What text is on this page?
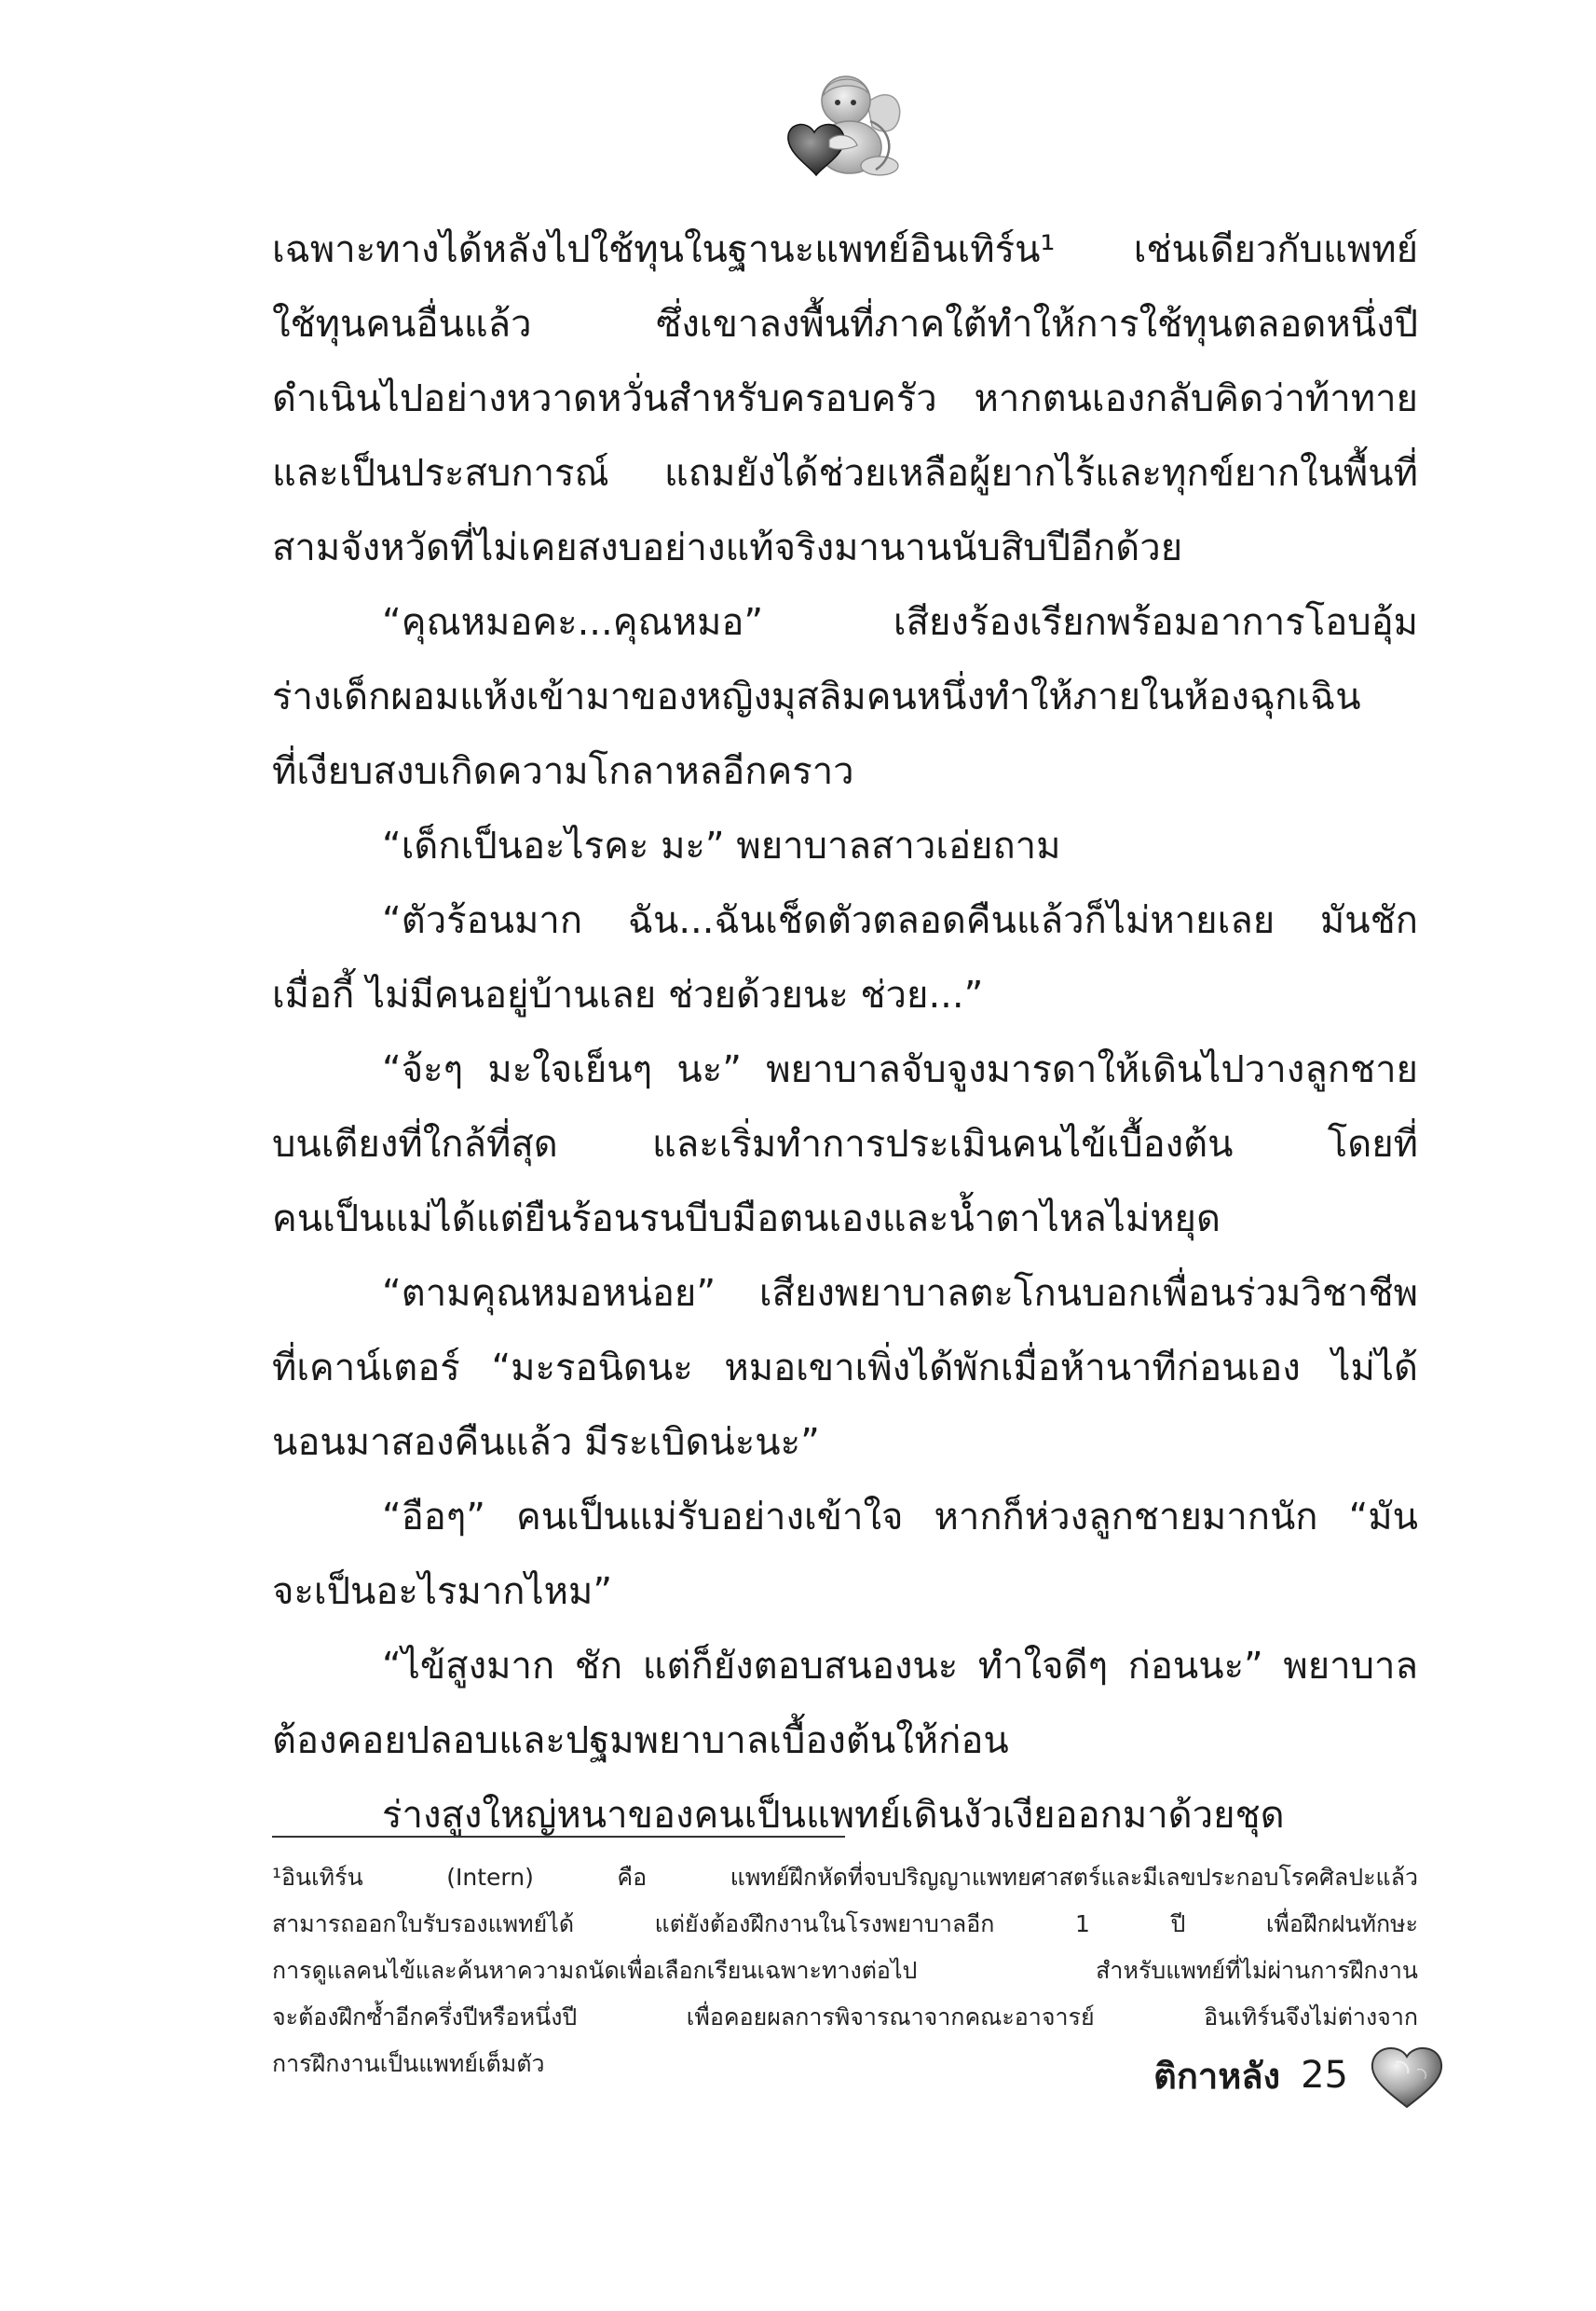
เฉพาะทางได้หลังไปใช้ทุนในฐานะแพทย์อินเทิร์น¹ เช่นเดียวกับแพทย์
ใช้ทุนคนอื่นแล้ว ซึ่งเขาลงพื้นที่ภาคใต้ทำให้การใช้ทุนตลอดหนึ่งปี
ดำเนินไปอย่างหวาดหวั่นสำหรับครอบครัว หากตนเองกลับคิดว่าท้าทาย
และเป็นประสบการณ์ แถมยังได้ช่วยเหลือผู้ยากไร้และทุกข์ยากในพื้นที่
สามจังหวัดที่ไม่เคยสงบอย่างแท้จริงมานานนับสิบปีอีกด้วย
“คุณหมอคะ...คุณหมอ” เสียงร้องเรียกพร้อมอาการโอบอุ้ม
ร่างเด็กผอมแห้งเข้ามาของหญิงมุสลิมคนหนึ่งทำให้ภายในห้องฉุกเฉิน
ที่เงียบสงบเกิดความโกลาหลอีกคราว
“เด็กเป็นอะไรคะ มะ” พยาบาลสาวเอ่ยถาม
“ตัวร้อนมาก ฉัน...ฉันเช็ดตัวตลอดคืนแล้วก็ไม่หายเลย มันชัก
เมื่อกี้ ไม่มีคนอยู่บ้านเลย ช่วยด้วยนะ ช่วย...”
“จ้ะๆ มะใจเย็นๆ นะ” พยาบาลจับจูงมารดาให้เดินไปวางลูกชาย
บนเตียงที่ใกล้ที่สุด และเริ่มทำการประเมินคนไข้เบื้องต้น โดยที่
คนเป็นแม่ได้แต่ยืนร้อนรนบีบมือตนเองและน้ำตาไหลไม่หยุด
“ตามคุณหมอหน่อย” เสียงพยาบาลตะโกนบอกเพื่อนร่วมวิชาชีพ
ที่เคาน์เตอร์ “มะรอนิดนะ หมอเขาเพิ่งได้พักเมื่อห้านาทีก่อนเอง ไม่ได้
นอนมาสองคืนแล้ว มีระเบิดน่ะนะ”
“อือๆ” คนเป็นแม่รับอย่างเข้าใจ หากก็ห่วงลูกชายมากนัก “มัน
จะเป็นอะไรมากไหม”
“ไข้สูงมาก ชัก แต่ก็ยังตอบสนองนะ ทำใจดีๆ ก่อนนะ” พยาบาล
ต้องคอยปลอบและปฐมพยาบาลเบื้องต้นให้ก่อน
ร่างสูงใหญ่หนาของคนเป็นแพทย์เดินงัวเงียออกมาด้วยชุด
¹อินเทิร์น (Intern) คือ แพทย์ฝึกหัดที่จบปริญญาแพทยศาสตร์และมีเลขประกอบโรคศิลปะแล้ว
สามารถออกใบรับรองแพทย์ได้ แต่ยังต้องฝึกงานในโรงพยาบาลอีก 1 ปี เพื่อฝึกฝนทักษะ
การดูแลคนไข้และค้นหาความถนัดเพื่อเลือกเรียนเฉพาะทางต่อไป สำหรับแพทย์ที่ไม่ผ่านการฝึกงาน
จะต้องฝึกซ้ำอีกครึ่งปีหรือหนึ่งปี เพื่อคอยผลการพิจารณาจากคณะอาจารย์ อินเทิร์นจึงไม่ต่างจาก
การฝึกงานเป็นแพทย์เต็มตัว	ติกาหลัง 25
